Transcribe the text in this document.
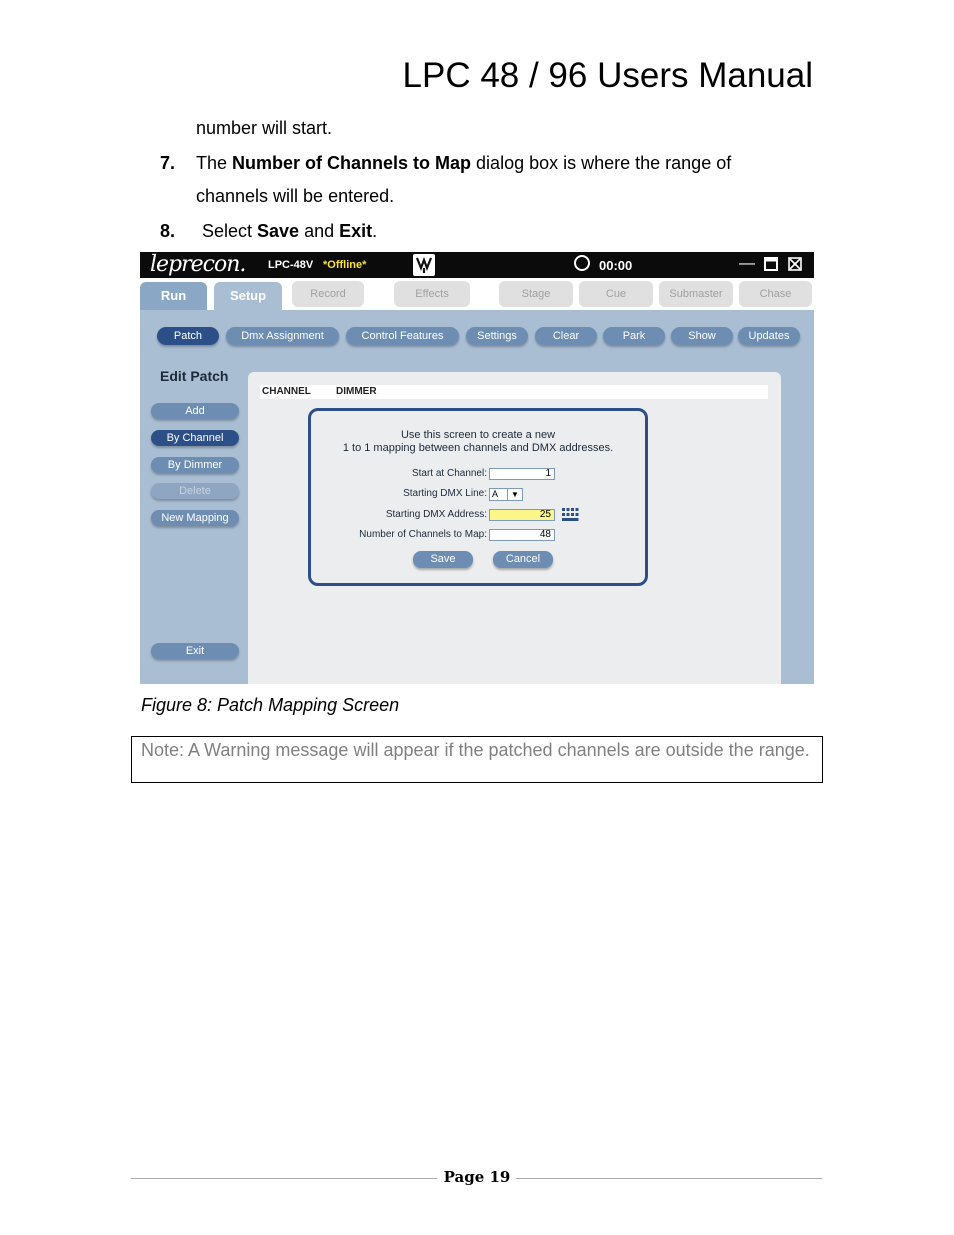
LPC 48 / 96 Users Manual
number will start.
7. The Number of Channels to Map dialog box is where the range of
channels will be entered.
8. Select Save and Exit.
leprecon. LPC-48V *Offline*	00:00	—
Run	Setup	Record	Effects	Stage	Cue	Submaster	Chase
Patch	Dmx Assignment	Control Features	Settings	Clear	Park	Show	Updates
Edit Patch
Add
By Channel
By Dimmer
Delete
New Mapping
Exit
CHANNEL	DIMMER
Use this screen to create a new
1 to 1 mapping between channels and DMX addresses.
Start at Channel:	1
Starting DMX Line: A	▼
Starting DMX Address:	25
Number of Channels to Map:	48
Save	Cancel
Figure 8: Patch Mapping Screen
Note: A Warning message will appear if the patched channels are outside the range.
Page 19
